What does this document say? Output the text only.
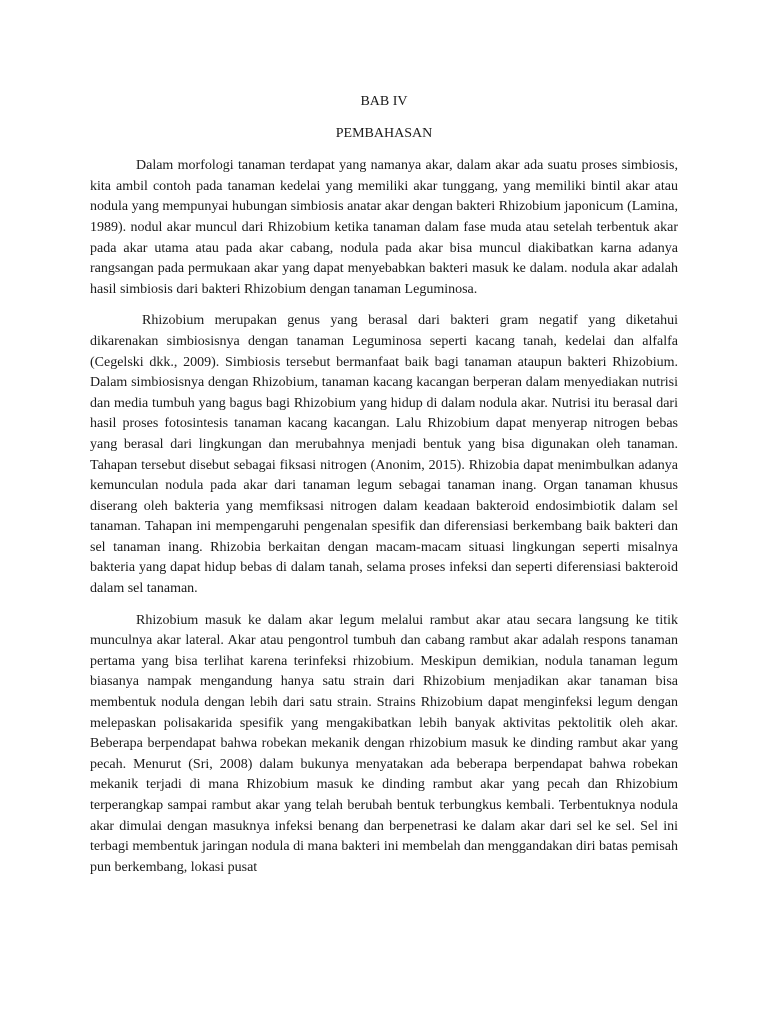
BAB IV

PEMBAHASAN

Dalam morfologi tanaman terdapat yang namanya akar, dalam akar ada suatu proses simbiosis, kita ambil contoh pada tanaman kedelai yang memiliki akar tunggang, yang memiliki bintil akar atau nodula yang mempunyai hubungan simbiosis anatar akar dengan bakteri Rhizobium japonicum (Lamina, 1989). nodul akar muncul dari Rhizobium ketika tanaman dalam fase muda atau setelah terbentuk akar pada akar utama atau pada akar cabang, nodula pada akar bisa muncul diakibatkan karna adanya rangsangan pada permukaan akar yang dapat menyebabkan bakteri masuk ke dalam. nodula akar adalah hasil simbiosis dari bakteri Rhizobium dengan tanaman Leguminosa.

Rhizobium merupakan genus yang berasal dari bakteri gram negatif yang diketahui dikarenakan simbiosisnya dengan tanaman Leguminosa seperti kacang tanah, kedelai dan alfalfa (Cegelski dkk., 2009). Simbiosis tersebut bermanfaat baik bagi tanaman ataupun bakteri Rhizobium. Dalam simbiosisnya dengan Rhizobium, tanaman kacang kacangan berperan dalam menyediakan nutrisi dan media tumbuh yang bagus bagi Rhizobium yang hidup di dalam nodula akar. Nutrisi itu berasal dari hasil proses fotosintesis tanaman kacang kacangan. Lalu Rhizobium dapat menyerap nitrogen bebas yang berasal dari lingkungan dan merubahnya menjadi bentuk yang bisa digunakan oleh tanaman. Tahapan tersebut disebut sebagai fiksasi nitrogen (Anonim, 2015). Rhizobia dapat menimbulkan adanya kemunculan nodula pada akar dari tanaman legum sebagai tanaman inang. Organ tanaman khusus diserang oleh bakteria yang memfiksasi nitrogen dalam keadaan bakteroid endosimbiotik dalam sel tanaman. Tahapan ini mempengaruhi pengenalan spesifik dan diferensiasi berkembang baik bakteri dan sel tanaman inang. Rhizobia berkaitan dengan macam-macam situasi lingkungan seperti misalnya bakteria yang dapat hidup bebas di dalam tanah, selama proses infeksi dan seperti diferensiasi bakteroid dalam sel tanaman.

Rhizobium masuk ke dalam akar legum melalui rambut akar atau secara langsung ke titik munculnya akar lateral. Akar atau pengontrol tumbuh dan cabang rambut akar adalah respons tanaman pertama yang bisa terlihat karena terinfeksi rhizobium. Meskipun demikian, nodula tanaman legum biasanya nampak mengandung hanya satu strain dari Rhizobium menjadikan akar tanaman bisa membentuk nodula dengan lebih dari satu strain. Strains Rhizobium dapat menginfeksi legum dengan melepaskan polisakarida spesifik yang mengakibatkan lebih banyak aktivitas pektolitik oleh akar. Beberapa berpendapat bahwa robekan mekanik dengan rhizobium masuk ke dinding rambut akar yang pecah. Menurut (Sri, 2008) dalam bukunya menyatakan ada beberapa berpendapat bahwa robekan mekanik terjadi di mana Rhizobium masuk ke dinding rambut akar yang pecah dan Rhizobium terperangkap sampai rambut akar yang telah berubah bentuk terbungkus kembali. Terbentuknya nodula akar dimulai dengan masuknya infeksi benang dan berpenetrasi ke dalam akar dari sel ke sel. Sel ini terbagi membentuk jaringan nodula di mana bakteri ini membelah dan menggandakan diri batas pemisah pun berkembang, lokasi pusat
